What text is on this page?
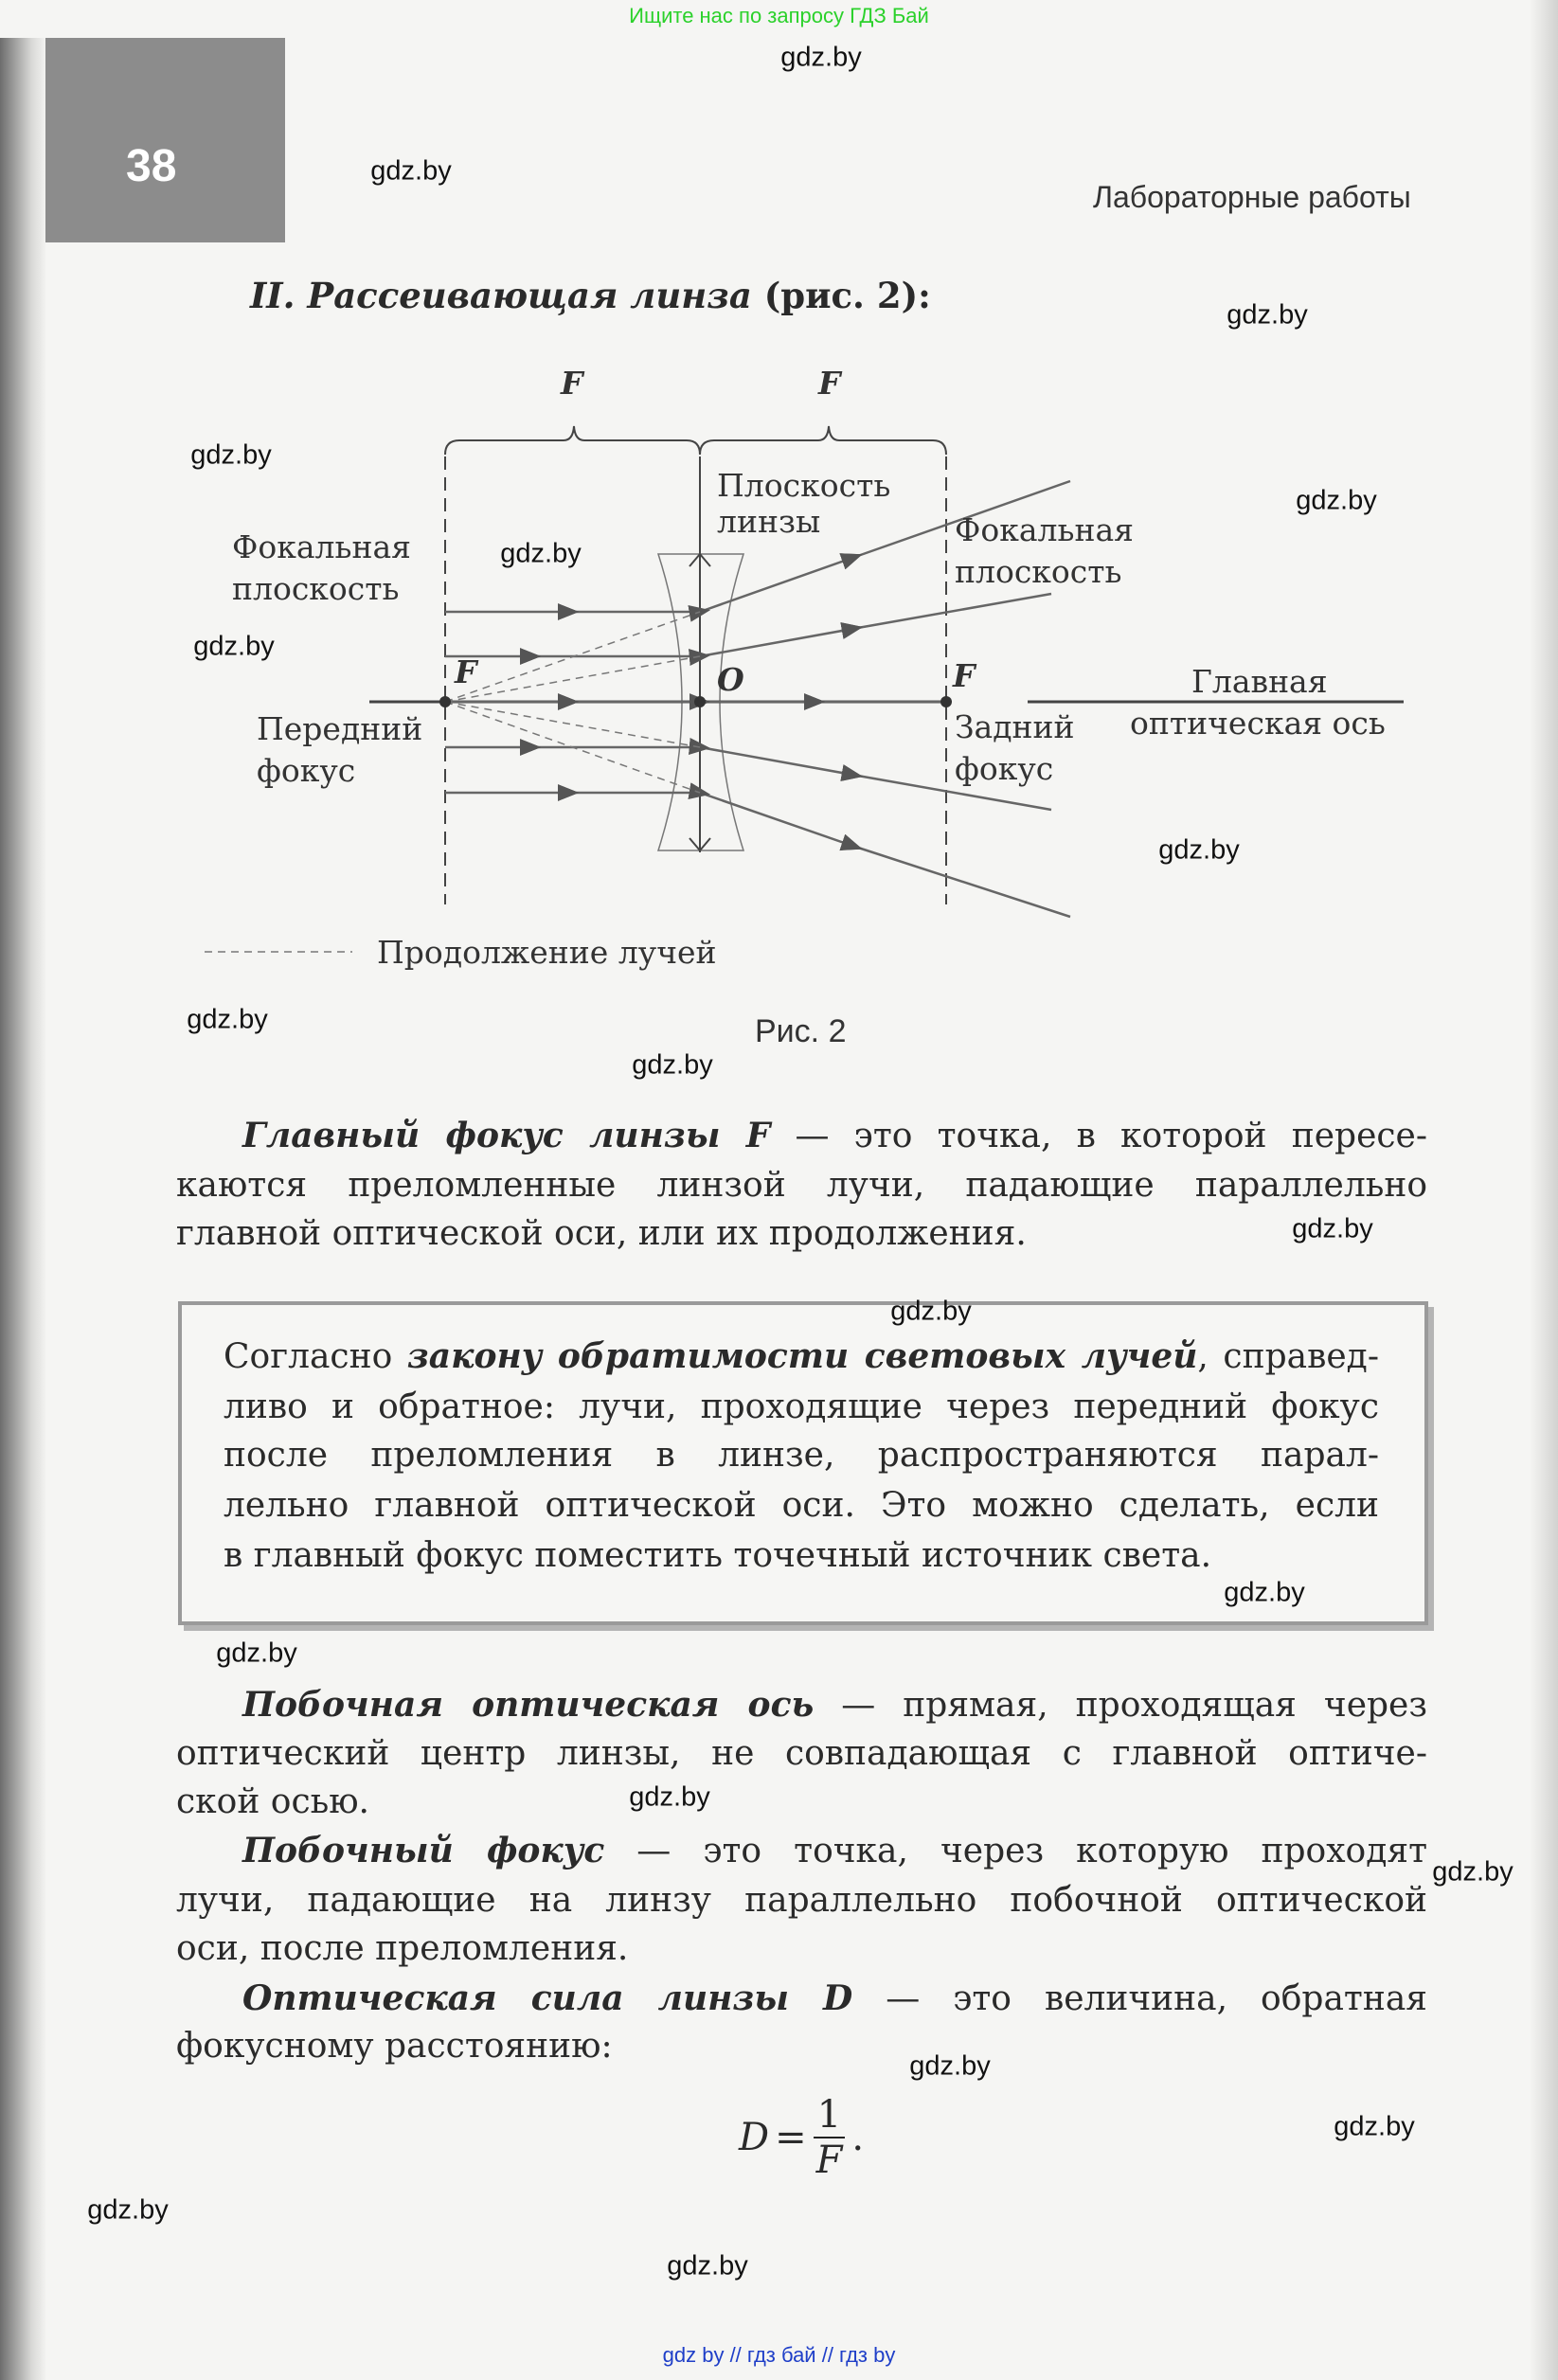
38
Ищите нас по запросу ГДЗ Бай
Лабораторные работы
II. Рассеивающая линза (рис. 2):
F	F
Фокальная
плоскость
Плоскость
линзы	Фокальная
плоскость
Передний
фокус
Задний
фокус
Главная
оптическая ось
F	O	F
Продолжение лучей
Рис. 2
Главный фокус линзы F — это точка, в которой пересе-
каются преломленные линзой лучи, падающие параллельно
главной оптической оси, или их продолжения.
Согласно закону обратимости световых лучей, справед-
ливо и обратное: лучи, проходящие через передний фокус
после преломления в линзе, распространяются парал-
лельно главной оптической оси. Это можно сделать, если
в главный фокус поместить точечный источник света.
Побочная оптическая ось — прямая, проходящая через
оптический центр линзы, не совпадающая с главной оптиче-
ской осью.
Побочный фокус — это точка, через которую проходят
лучи, падающие на линзу параллельно побочной оптической
оси, после преломления.
Оптическая сила линзы D — это величина, обратная
фокусному расстоянию:
$D = \frac{1}{F}$ .
gdz.by
gdz.by
gdz.by
gdz.by
gdz.by
gdz.by
gdz.by
gdz.by
gdz.by
gdz.by
gdz.by
gdz.by
gdz.by
gdz.by
gdz.by
gdz.by
gdz.by
gdz.by
gdz.by
gdz.by
gdz by // гдз бай // гдз by
